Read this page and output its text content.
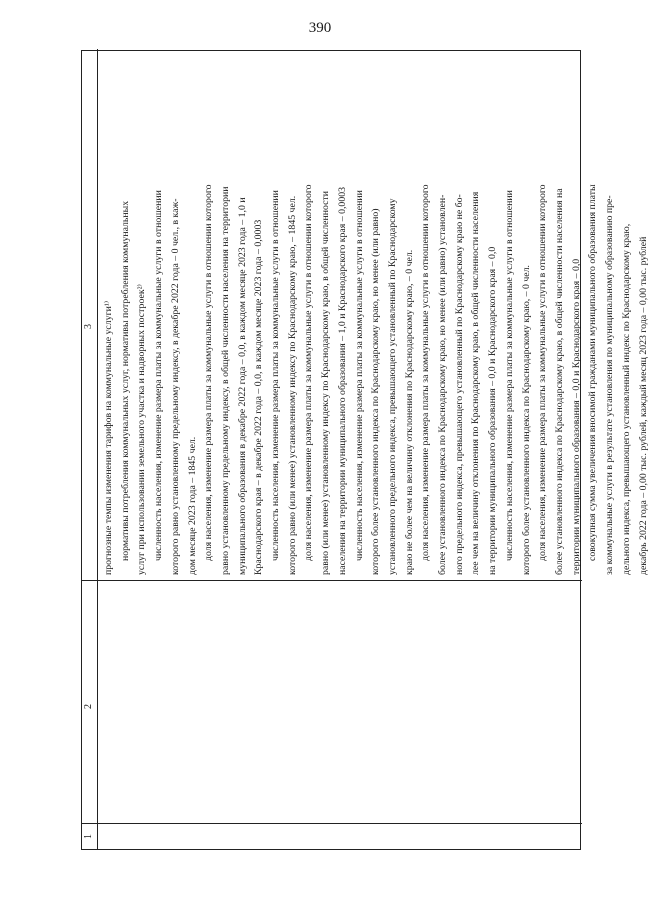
390
1
2
3 прогнозные темпы изменения тарифов на коммунальные услуги¹⁾ нормативы потребления коммунальных услуг, нормативы потребления коммунальных услуг при использовании земельного участка и надворных построек²⁾ численность населения, изменение размера платы за коммунальные услуги в отношении которого равно установленному предельному индексу, в декабре 2022 года – 0 чел., в каж- дом месяце 2023 года – 1845 чел. доля населения, изменение размера платы за коммунальные услуги в отношении которого равно установленному предельному индексу, в общей численности населения на территории муниципального образования в декабре 2022 года – 0,0, в каждом месяце 2023 года – 1,0 и Краснодарского края – в декабре 2022 года – 0,0, в каждом месяце 2023 года – 0,0003 численность населения, изменение размера платы за коммунальные услуги в отношении которого равно (или менее) установленному индексу по Краснодарскому краю, – 1845 чел. доля населения, изменение размера платы за коммунальные услуги в отношении которого равно (или менее) установленному индексу по Краснодарскому краю, в общей численности населения на территории муниципального образования – 1,0 и Краснодарского края – 0,0003 численность населения, изменение размера платы за коммунальные услуги в отношении которого более установленного индекса по Краснодарскому краю, но менее (или равно) установленного предельного индекса, превышающего установленный по Краснодарскому краю не более чем на величину отклонения по Краснодарскому краю, – 0 чел. доля населения, изменение размера платы за коммунальные услуги в отношении которого более установленного индекса по Краснодарскому краю, но менее (или равно) установлен- ного предельного индекса, превышающего установленный по Краснодарскому краю не бо- лее чем на величину отклонения по Краснодарскому краю, в общей численности населения на территории муниципального образования – 0,0 и Краснодарского края – 0,0 численность населения, изменение размера платы за коммунальные услуги в отношении которого более установленного индекса по Краснодарскому краю, – 0 чел. доля населения, изменение размера платы за коммунальные услуги в отношении которого более установленного индекса по Краснодарскому краю, в общей численности населения на территории муниципального образования – 0,0 и Краснодарского края – 0,0 совокупная сумма увеличения вносимой гражданами муниципального образования платы за коммунальные услуги в результате установления по муниципальному образованию пре- дельного индекса, превышающего установленный индекс по Краснодарскому краю, декабрь 2022 года – 0,00 тыс. рублей, каждый месяц 2023 года – 0,00 тыс. рублей
